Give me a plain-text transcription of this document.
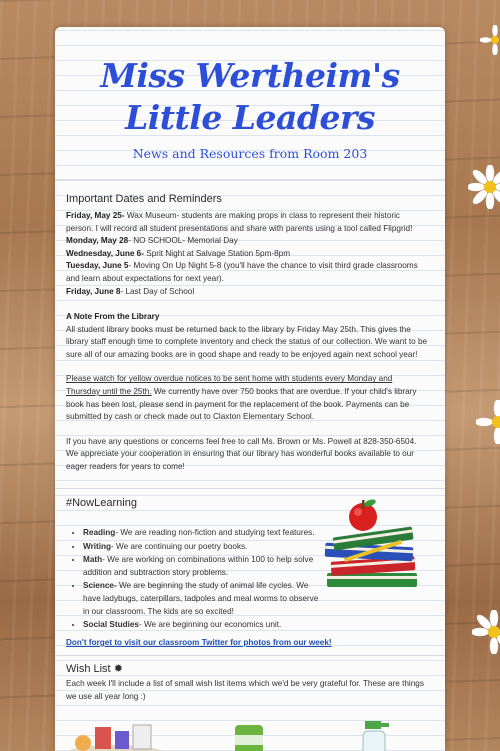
Miss Wertheim's
Little Leaders
News and Resources from Room 203
Important Dates and Reminders
Friday, May 25- Wax Museum- students are making props in class to represent their historic person. I will record all student presentations and share with parents using a tool called Flipgrid!
Monday, May 28- NO SCHOOL- Memorial Day
Wednesday, June 6- Sprit Night at Salvage Station 5pm-8pm
Tuesday, June 5- Moving On Up Night 5-8 (you'll have the chance to visit third grade classrooms and learn about expectations for next year).
Friday, June 8- Last Day of School
A Note From the Library
All student library books must be returned back to the library by Friday May 25th. This gives the library staff enough time to complete inventory and check the status of our collection. We want to be sure all of our amazing books are in good shape and ready to be enjoyed again next school year!
Please watch for yellow overdue notices to be sent home with students every Monday and Thursday until the 25th. We currently have over 750 books that are overdue. If your child's library book has been lost, please send in payment for the replacement of the book. Payments can be submitted by cash or check made out to Claxton Elementary School.
If you have any questions or concerns feel free to call Ms. Brown or Ms. Powell at 828-350-6504. We appreciate your cooperation in ensuring that our library has wonderful books available to our eager readers for years to come!
#NowLearning
• Reading- We are reading non-fiction and studying text features.
• Writing- We are continuing our poetry books.
• Math- We are working on combinations within 100 to help solve addition and subtraction story problems.
• Science- We are beginning the study of animal life cycles. We have ladybugs, caterpillars, tadpoles and meal worms to observe in our classroom. The kids are so excited!
• Social Studies- We are beginning our economics unit.
Don't forget to visit our classroom Twitter for photos from our week!
Wish List ✹
Each week I'll include a list of small wish list items which we'd be very grateful for. These are things we use all year long :)
